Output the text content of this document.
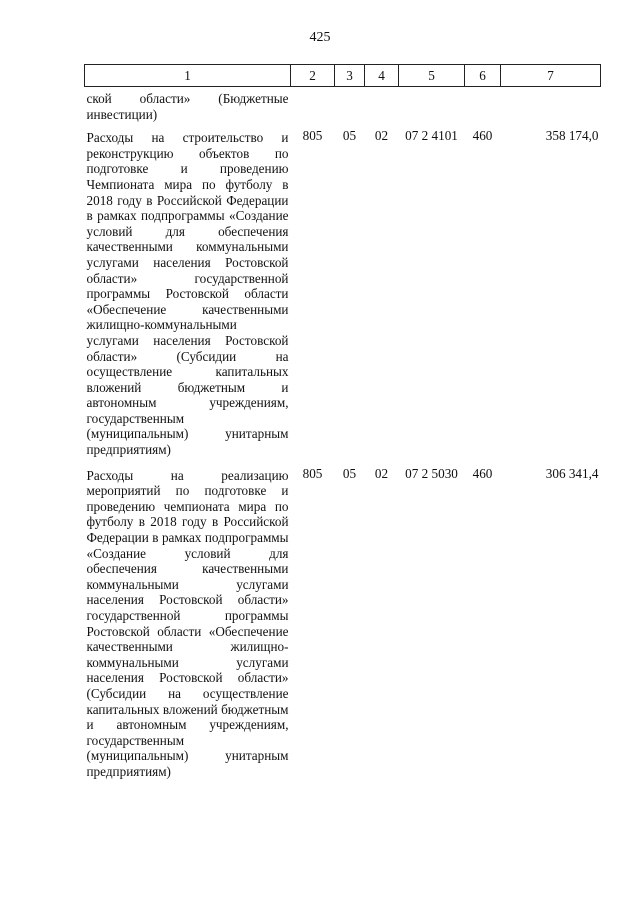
425
1	2	3	4	5	6	7
ской области» (Бюджетные инвестиции)						
Расходы на строительство и реконструкцию объектов по подготовке и проведению Чемпионата мира по футболу в 2018 году в Российской Федерации в рамках подпрограммы «Создание условий для обеспечения качественными коммунальными услугами населения Ростовской области» государственной программы Ростовской области «Обеспечение качественными жилищно-коммунальными услугами населения Ростовской области» (Субсидии на осуществление капитальных вложений бюджетным и автономным учреждениям, государственным (муниципальным) унитарным предприятиям)	805	05	02	07 2 4101	460	358 174,0
Расходы на реализацию мероприятий по подготовке и проведению чемпионата мира по футболу в 2018 году в Российской Федерации в рамках подпрограммы «Создание условий для обеспечения качественными коммунальными услугами населения Ростовской области» государственной программы Ростовской области «Обеспечение качественными жилищно-коммунальными услугами населения Ростовской области» (Субсидии на осуществление капитальных вложений бюджетным и автономным учреждениям, государственным (муниципальным) унитарным предприятиям)	805	05	02	07 2 5030	460	306 341,4
